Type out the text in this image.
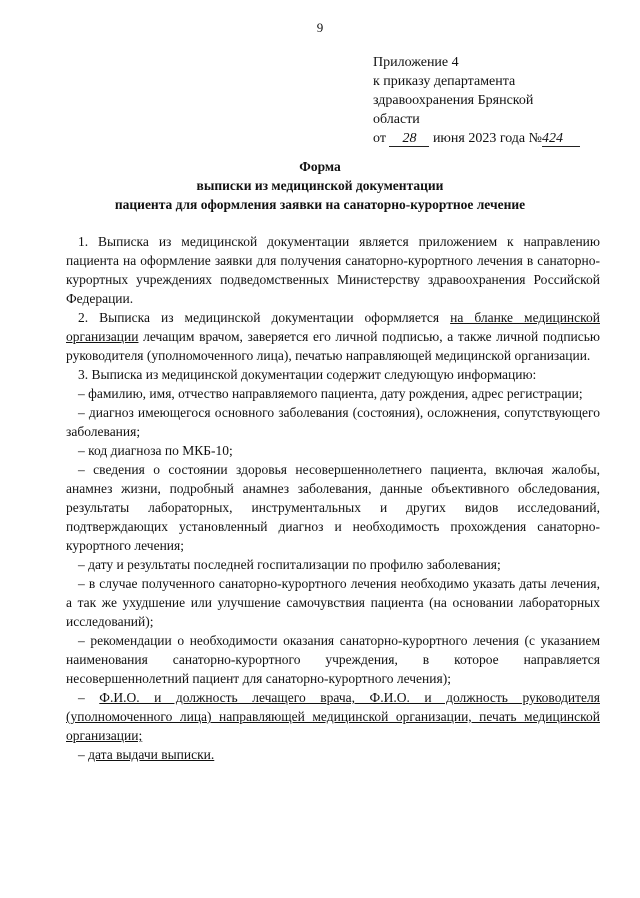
9
Приложение 4
к приказу департамента
здравоохранения Брянской
области
от 28 июня 2023 года №424
Форма
выписки из медицинской документации
пациента для оформления заявки на санаторно-курортное лечение

1. Выписка из медицинской документации является приложением к направлению пациента на оформление заявки для получения санаторно-курортного лечения в санаторно-курортных учреждениях подведомственных Министерству здравоохранения Российской Федерации.

2. Выписка из медицинской документации оформляется на бланке медицинской организации лечащим врачом, заверяется его личной подписью, а также личной подписью руководителя (уполномоченного лица), печатью направляющей медицинской организации.

3. Выписка из медицинской документации содержит следующую информацию:

– фамилию, имя, отчество направляемого пациента, дату рождения, адрес регистрации;

– диагноз имеющегося основного заболевания (состояния), осложнения, сопутствующего заболевания;

– код диагноза по МКБ-10;

– сведения о состоянии здоровья несовершеннолетнего пациента, включая жалобы, анамнез жизни, подробный анамнез заболевания, данные объективного обследования, результаты лабораторных, инструментальных и других видов исследований, подтверждающих установленный диагноз и необходимость прохождения санаторно-курортного лечения;

– дату и результаты последней госпитализации по профилю заболевания;

– в случае полученного санаторно-курортного лечения необходимо указать даты лечения, а так же ухудшение или улучшение самочувствия пациента (на основании лабораторных исследований);

– рекомендации о необходимости оказания санаторно-курортного лечения (с указанием наименования санаторно-курортного учреждения, в которое направляется несовершеннолетний пациент для санаторно-курортного лечения);

– Ф.И.О. и должность лечащего врача, Ф.И.О. и должность руководителя (уполномоченного лица) направляющей медицинской организации, печать медицинской организации;

– дата выдачи выписки.
